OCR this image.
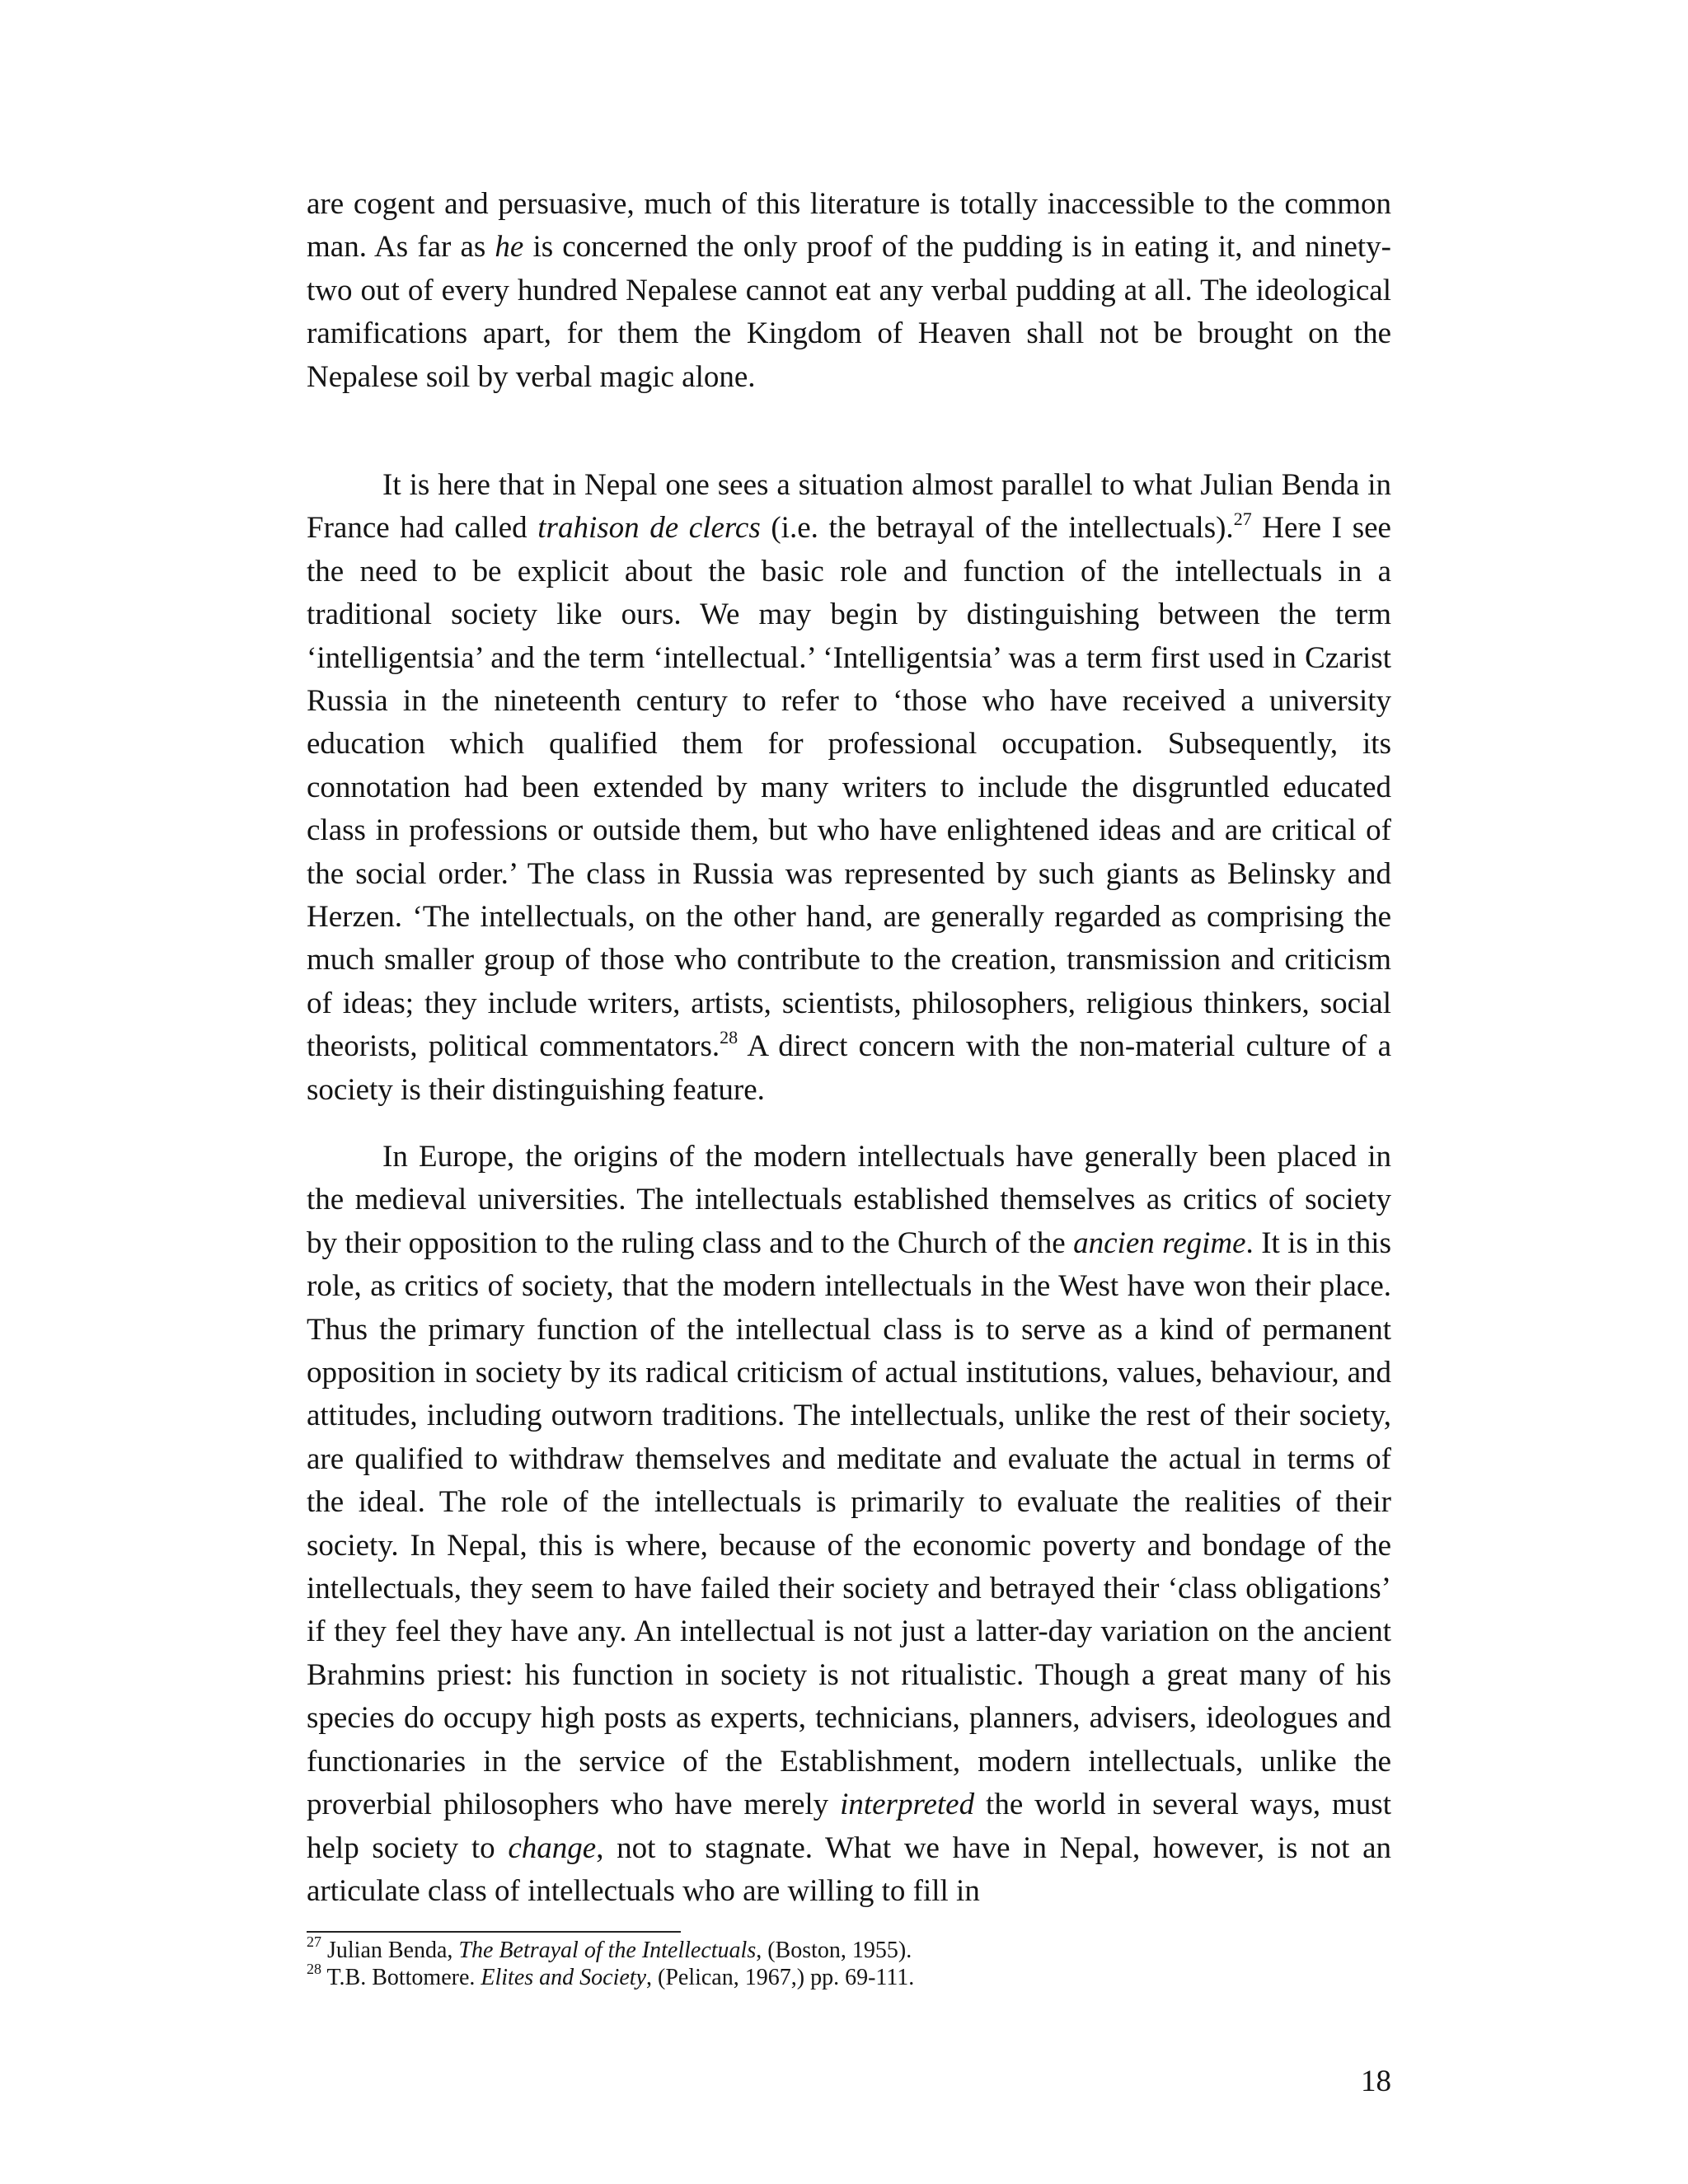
are cogent and persuasive, much of this literature is totally inaccessible to the common man. As far as he is concerned the only proof of the pudding is in eating it, and ninety-two out of every hundred Nepalese cannot eat any verbal pudding at all. The ideological ramifications apart, for them the Kingdom of Heaven shall not be brought on the Nepalese soil by verbal magic alone.

It is here that in Nepal one sees a situation almost parallel to what Julian Benda in France had called trahison de clercs (i.e. the betrayal of the intellectuals).$^{27}$ Here I see the need to be explicit about the basic role and function of the intellectuals in a traditional society like ours. We may begin by distinguishing between the term ‘intelligentsia’ and the term ‘intellectual.’ ‘Intelligentsia’ was a term first used in Czarist Russia in the nineteenth century to refer to ‘those who have received a university education which qualified them for professional occupation. Subsequently, its connotation had been extended by many writers to include the disgruntled educated class in professions or outside them, but who have enlightened ideas and are critical of the social order.’ The class in Russia was represented by such giants as Belinsky and Herzen. ‘The intellectuals, on the other hand, are generally regarded as comprising the much smaller group of those who contribute to the creation, transmission and criticism of ideas; they include writers, artists, scientists, philosophers, religious thinkers, social theorists, political commentators.$^{28}$ A direct concern with the non-material culture of a society is their distinguishing feature.

In Europe, the origins of the modern intellectuals have generally been placed in the medieval universities. The intellectuals established themselves as critics of society by their opposition to the ruling class and to the Church of the ancien regime. It is in this role, as critics of society, that the modern intellectuals in the West have won their place. Thus the primary function of the intellectual class is to serve as a kind of permanent opposition in society by its radical criticism of actual institutions, values, behaviour, and attitudes, including outworn traditions. The intellectuals, unlike the rest of their society, are qualified to withdraw themselves and meditate and evaluate the actual in terms of the ideal. The role of the intellectuals is primarily to evaluate the realities of their society. In Nepal, this is where, because of the economic poverty and bondage of the intellectuals, they seem to have failed their society and betrayed their ‘class obligations’ if they feel they have any. An intellectual is not just a latter-day variation on the ancient Brahmins priest: his function in society is not ritualistic. Though a great many of his species do occupy high posts as experts, technicians, planners, advisers, ideologues and functionaries in the service of the Establishment, modern intellectuals, unlike the proverbial philosophers who have merely interpreted the world in several ways, must help society to change, not to stagnate. What we have in Nepal, however, is not an articulate class of intellectuals who are willing to fill in

$^{27}$ Julian Benda, The Betrayal of the Intellectuals, (Boston, 1955).
$^{28}$ T.B. Bottomere. Elites and Society, (Pelican, 1967,) pp. 69-111.
18
